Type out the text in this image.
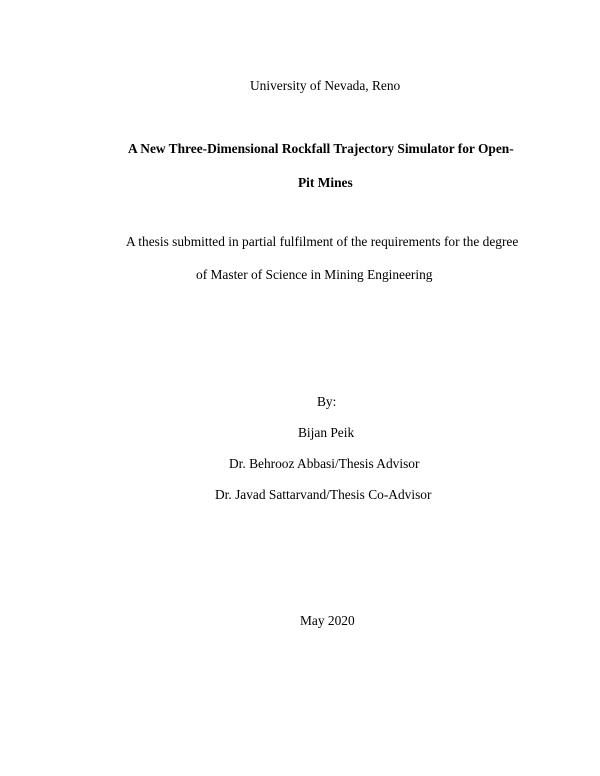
University of Nevada, Reno
A New Three-Dimensional Rockfall Trajectory Simulator for Open-
Pit Mines
A thesis submitted in partial fulfilment of the requirements for the degree
of Master of Science in Mining Engineering
By:
Bijan Peik
Dr. Behrooz Abbasi/Thesis Advisor
Dr. Javad Sattarvand/Thesis Co-Advisor
May 2020
